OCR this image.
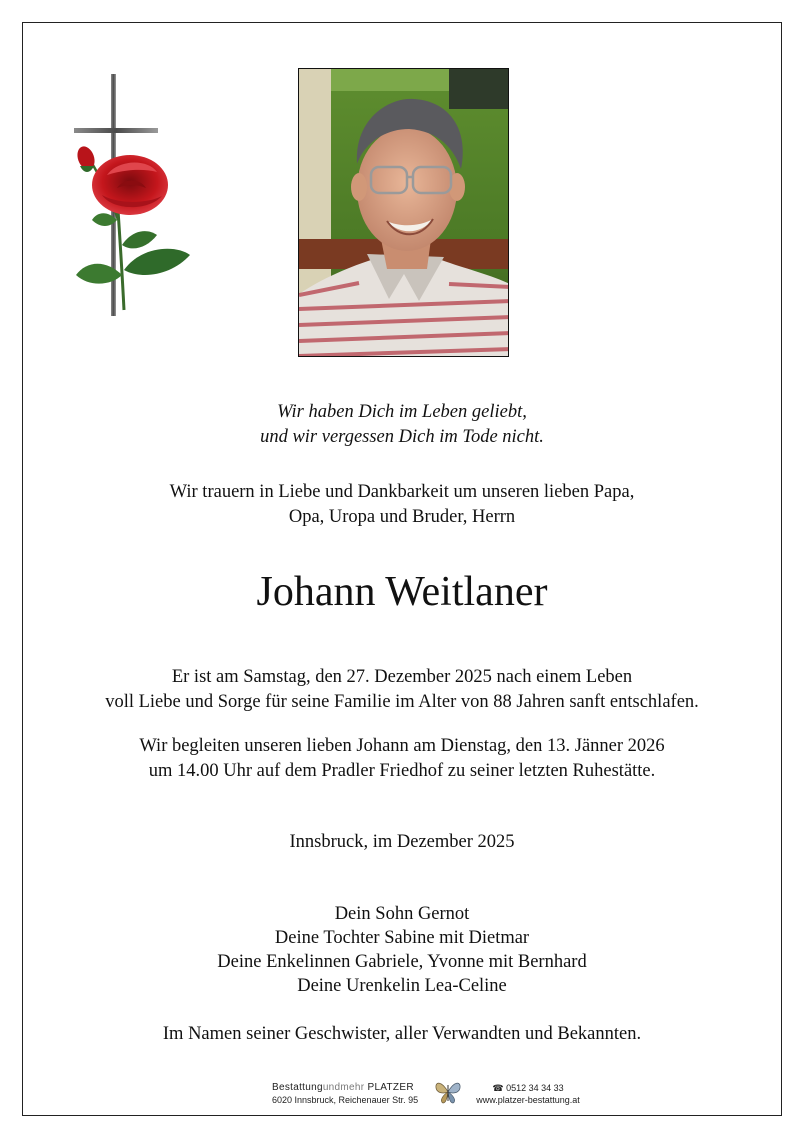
Wir haben Dich im Leben geliebt,
und wir vergessen Dich im Tode nicht.
Wir trauern in Liebe und Dankbarkeit um unseren lieben Papa,
Opa, Uropa und Bruder, Herrn
Johann Weitlaner
Er ist am Samstag, den 27. Dezember 2025 nach einem Leben
voll Liebe und Sorge für seine Familie im Alter von 88 Jahren sanft entschlafen.
Wir begleiten unseren lieben Johann am Dienstag, den 13. Jänner 2026
um 14.00 Uhr auf dem Pradler Friedhof zu seiner letzten Ruhestätte.
Innsbruck, im Dezember 2025
Dein Sohn Gernot
Deine Tochter Sabine mit Dietmar
Deine Enkelinnen Gabriele, Yvonne mit Bernhard
Deine Urenkelin Lea-Celine
Im Namen seiner Geschwister, aller Verwandten und Bekannten.
Bestattungundmehr PLATZER
6020 Innsbruck, Reichenauer Str. 95
☎ 0512 34 34 33
www.platzer-bestattung.at
